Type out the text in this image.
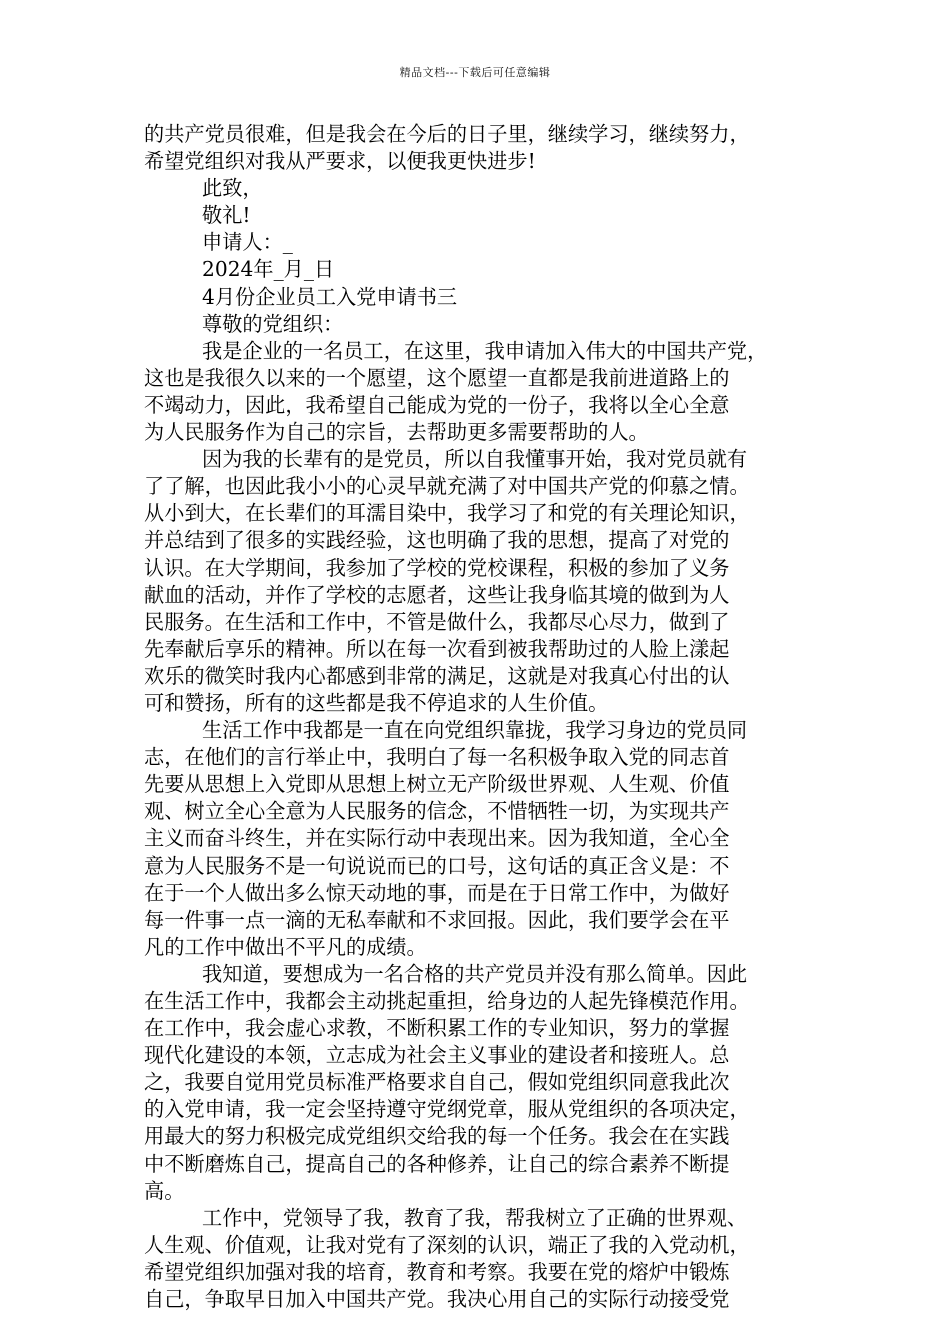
精品文档---下载后可任意编辑
的共产党员很难，但是我会在今后的日子里，继续学习，继续努力，
希望党组织对我从严要求，以便我更快进步!
此致，
敬礼!
申请人：_
2024年_月_日
4月份企业员工入党申请书三
尊敬的党组织：
我是企业的一名员工，在这里，我申请加入伟大的中国共产党，
这也是我很久以来的一个愿望，这个愿望一直都是我前进道路上的
不竭动力，因此，我希望自己能成为党的一份子，我将以全心全意
为人民服务作为自己的宗旨，去帮助更多需要帮助的人。
因为我的长辈有的是党员，所以自我懂事开始，我对党员就有
了了解，也因此我小小的心灵早就充满了对中国共产党的仰慕之情。
从小到大，在长辈们的耳濡目染中，我学习了和党的有关理论知识，
并总结到了很多的实践经验，这也明确了我的思想，提高了对党的
认识。在大学期间，我参加了学校的党校课程，积极的参加了义务
献血的活动，并作了学校的志愿者，这些让我身临其境的做到为人
民服务。在生活和工作中，不管是做什么，我都尽心尽力，做到了
先奉献后享乐的精神。所以在每一次看到被我帮助过的人脸上漾起
欢乐的微笑时我内心都感到非常的满足，这就是对我真心付出的认
可和赞扬，所有的这些都是我不停追求的人生价值。
生活工作中我都是一直在向党组织靠拢，我学习身边的党员同
志，在他们的言行举止中，我明白了每一名积极争取入党的同志首
先要从思想上入党即从思想上树立无产阶级世界观、人生观、价值
观、树立全心全意为人民服务的信念，不惜牺牲一切，为实现共产
主义而奋斗终生，并在实际行动中表现出来。因为我知道，全心全
意为人民服务不是一句说说而已的口号，这句话的真正含义是：不
在于一个人做出多么惊天动地的事，而是在于日常工作中，为做好
每一件事一点一滴的无私奉献和不求回报。因此，我们要学会在平
凡的工作中做出不平凡的成绩。
我知道，要想成为一名合格的共产党员并没有那么简单。因此
在生活工作中，我都会主动挑起重担，给身边的人起先锋模范作用。
在工作中，我会虚心求教，不断积累工作的专业知识，努力的掌握
现代化建设的本领，立志成为社会主义事业的建设者和接班人。总
之，我要自觉用党员标准严格要求自自己，假如党组织同意我此次
的入党申请，我一定会坚持遵守党纲党章，服从党组织的各项决定，
用最大的努力积极完成党组织交给我的每一个任务。我会在在实践
中不断磨炼自己，提高自己的各种修养，让自己的综合素养不断提
高。
工作中，党领导了我，教育了我，帮我树立了正确的世界观、
人生观、价值观，让我对党有了深刻的认识，端正了我的入党动机，
希望党组织加强对我的培育，教育和考察。我要在党的熔炉中锻炼
自己，争取早日加入中国共产党。我决心用自己的实际行动接受党
